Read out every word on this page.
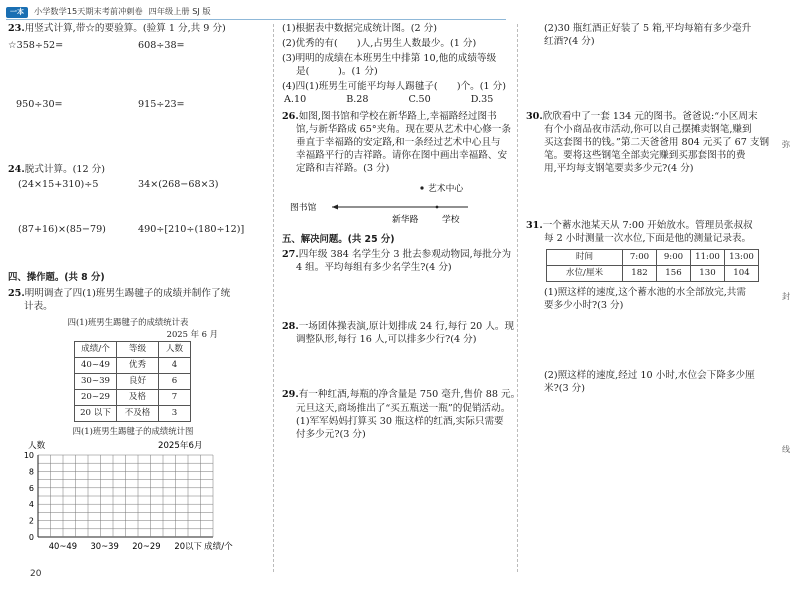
一本	小学数学15天期末考前冲刺卷 四年级上册 SJ 版
23.用竖式计算,带☆的要验算。(验算 1 分,共 9 分)
☆358÷52=	608÷38=
950÷30=	915÷23=
24.脱式计算。(12 分)
(24×15+310)÷5	34×(268−68×3)
(87+16)×(85−79)	490÷[210÷(180÷12)]
四、操作题。(共 8 分)
25.明明调查了四(1)班男生踢毽子的成绩并制作了统
计表。
四(1)班男生踢毽子的成绩统计表
2025 年 6 月
成绩/个	等级	人数
40~49	优秀	4
30~39	良好	6
20~29	及格	7
20 以下	不及格	3
四(1)班男生踢毽子的成绩统计图
人数	2025年6月
0
2
4
6
8
10
40~49 30~39 20~29 20以下 成绩/个
(1)根据表中数据完成统计图。(2 分)
(2)优秀的有(　　)人,占男生人数最少。(1 分)
(3)明明的成绩在本班男生中排第 10,他的成绩等级
是(　　　)。(1 分)
(4)四(1)班男生可能平均每人踢毽子(　　)个。(1 分)
A.10	B.28	C.50	D.35
26.如图,图书馆和学校在新华路上,幸福路经过图书
馆,与新华路成 65°夹角。现在要从艺术中心修一条
垂直于幸福路的安定路,和一条经过艺术中心且与
幸福路平行的吉祥路。请你在图中画出幸福路、安
定路和吉祥路。(3 分)
艺术中心
图书馆
新华路	学校
五、解决问题。(共 25 分)
27.四年级 384 名学生分 3 批去参观动物园,每批分为
4 组。平均每组有多少名学生?(4 分)
28.一场团体操表演,原计划排成 24 行,每行 20 人。现
调整队形,每行 16 人,可以排多少行?(4 分)
29.有一种红酒,每瓶的净含量是 750 毫升,售价 88 元。
元旦这天,商场推出了“买五瓶送一瓶”的促销活动。
(1)军军妈妈打算买 30 瓶这样的红酒,实际只需要
付多少元?(3 分)
(2)30 瓶红酒正好装了 5 箱,平均每箱有多少毫升
红酒?(4 分)
30.欣欣看中了一套 134 元的图书。爸爸说:“小区周末
有个小商品夜市活动,你可以自己摆摊卖钢笔,赚到
买这套图书的钱。”第二天爸爸用 804 元买了 67 支钢
笔。要将这些钢笔全部卖完赚到买那套图书的费
用,平均每支钢笔要卖多少元?(4 分)
31.一个蓄水池某天从 7:00 开始放水。管理员张叔叔
每 2 小时测量一次水位,下面是他的测量记录表。
时间	7:00	9:00	11:00	13:00
水位/厘米	182	156	130	104
(1)照这样的速度,这个蓄水池的水全部放完,共需
要多少小时?(3 分)
(2)照这样的速度,经过 10 小时,水位会下降多少厘
米?(3 分)
弥
封
线
20
